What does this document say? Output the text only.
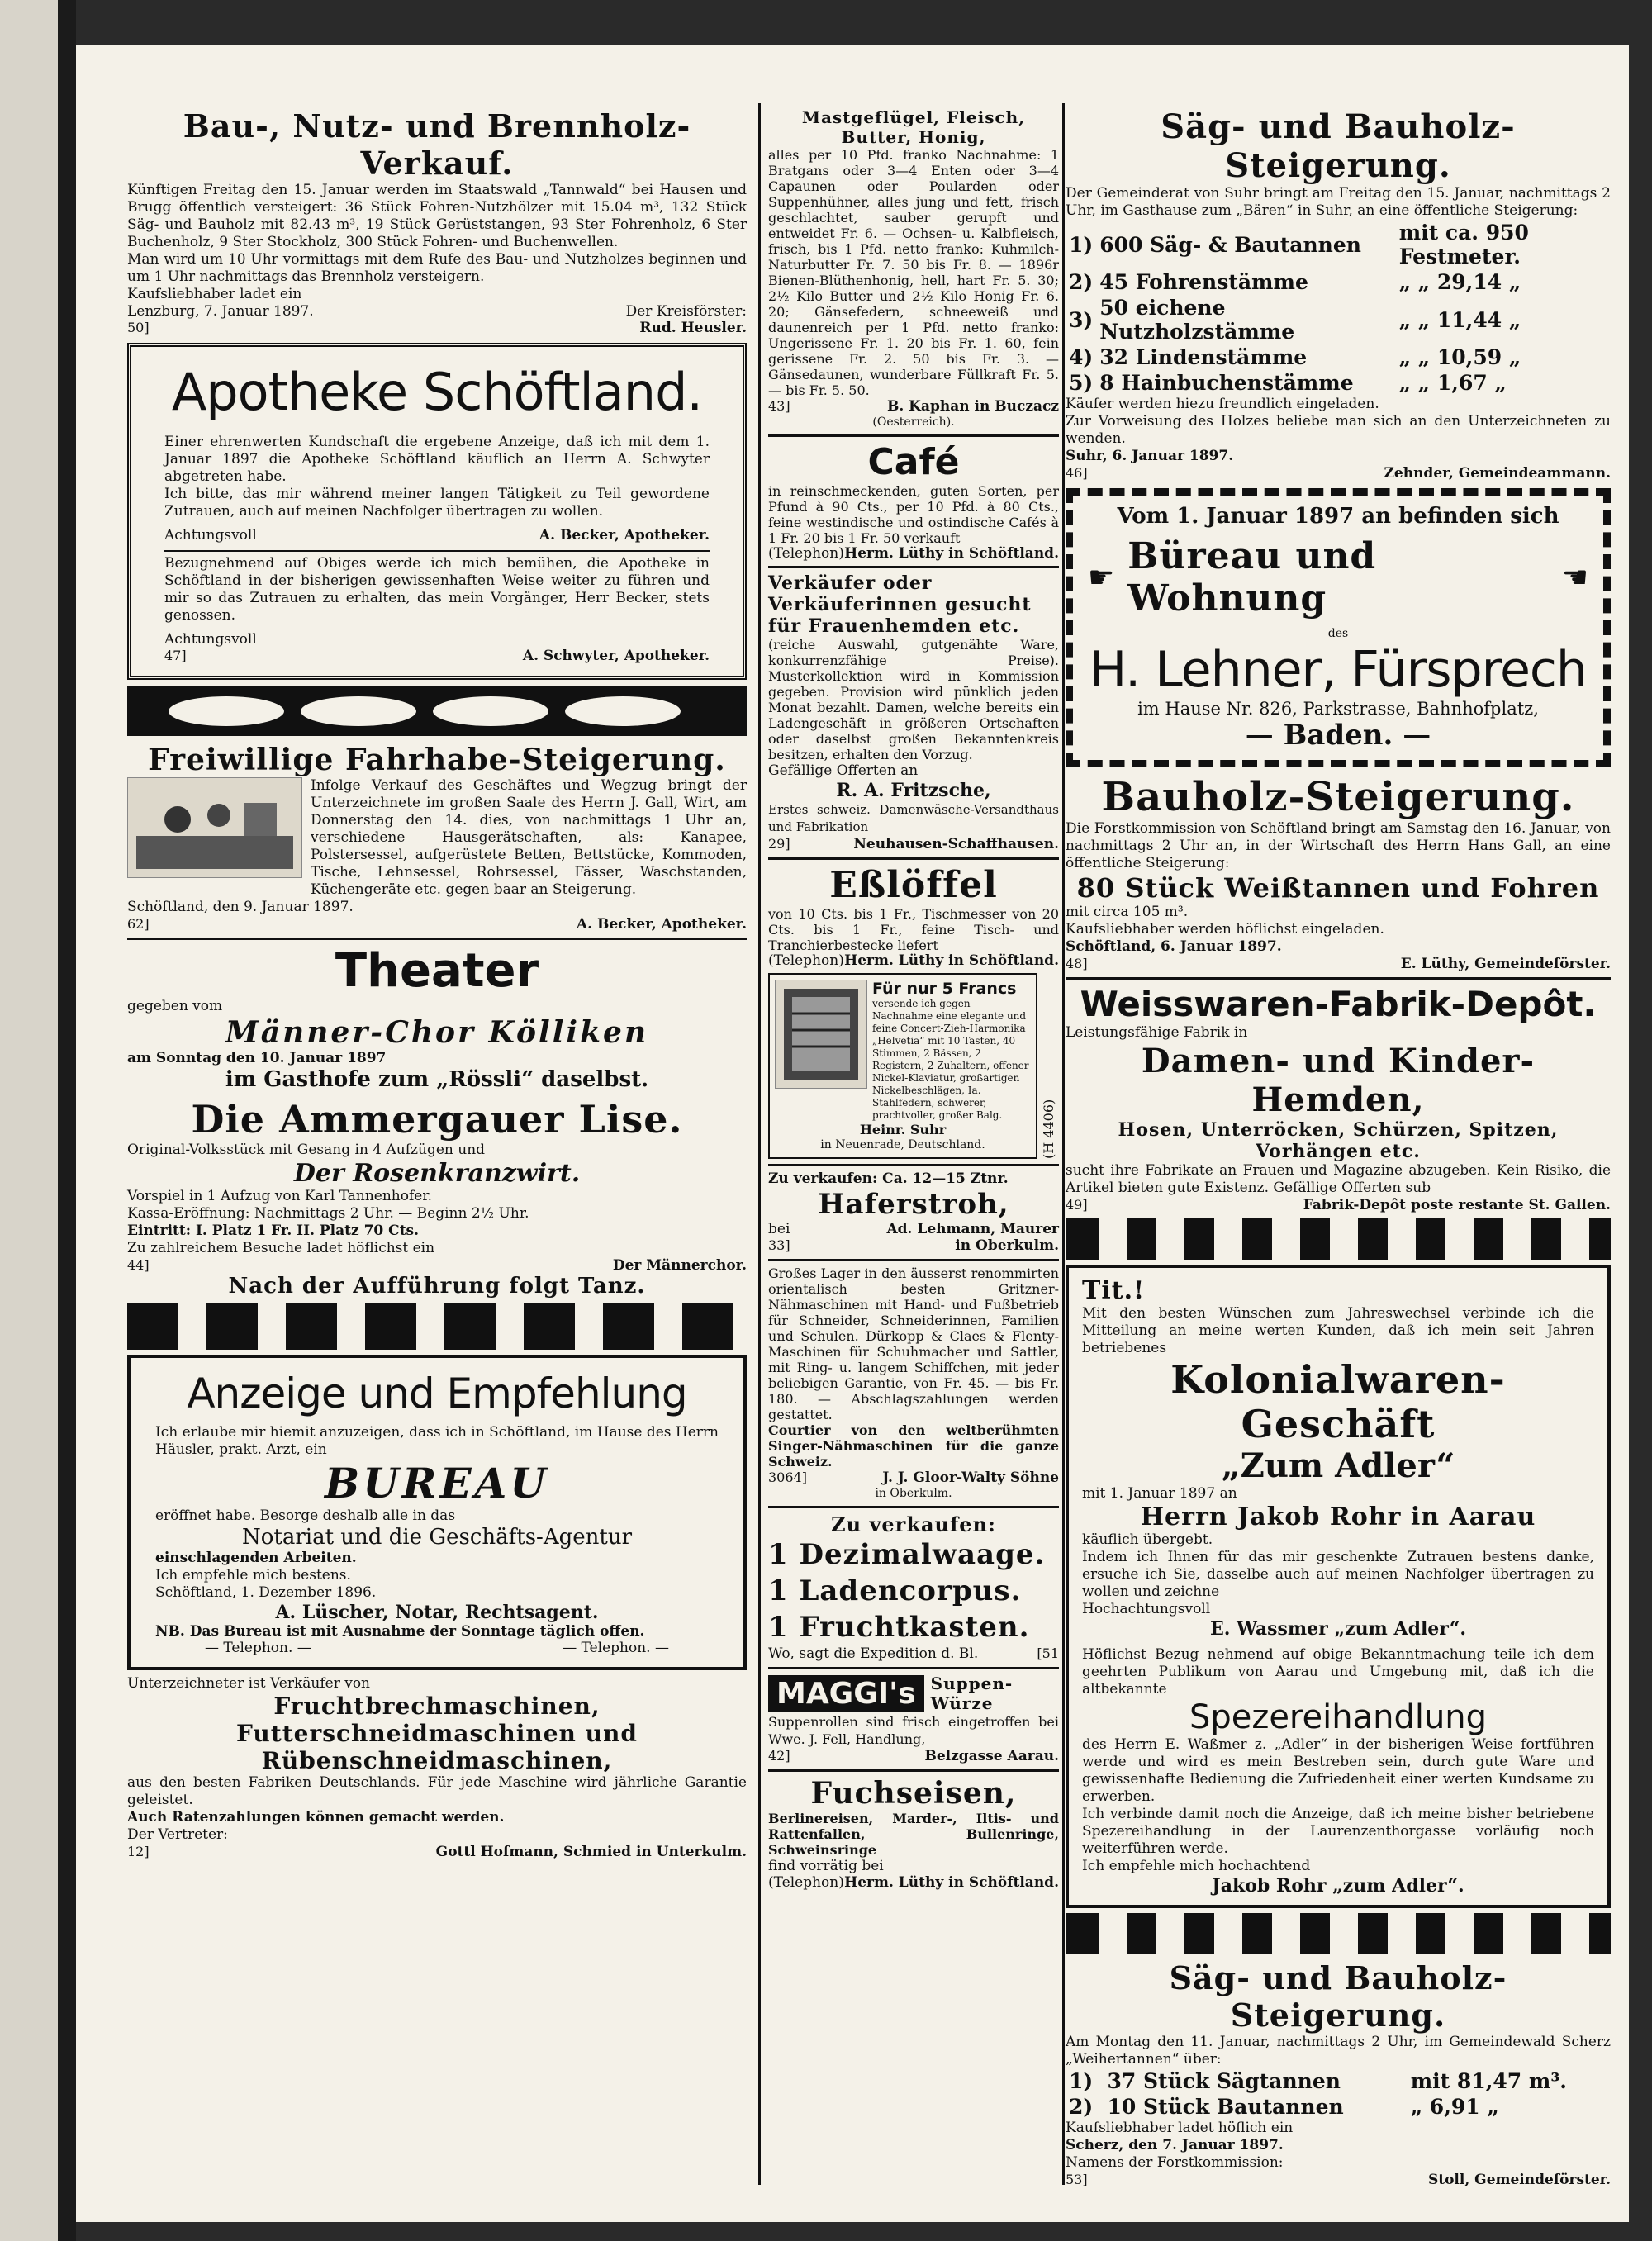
Bau-, Nutz- und Brennholz-Verkauf.
Künftigen Freitag den 15. Januar werden im Staatswald „Tannwald“ bei Hausen und Brugg öffentlich versteigert: 36 Stück Fohren-Nutzhölzer mit 15.04 m³, 132 Stück Säg- und Bauholz mit 82.43 m³, 19 Stück Gerüststangen, 93 Ster Fohrenholz, 6 Ster Buchenholz, 9 Ster Stockholz, 300 Stück Fohren- und Buchenwellen.
Man wird um 10 Uhr vormittags mit dem Rufe des Bau- und Nutzholzes beginnen und um 1 Uhr nachmittags das Brennholz versteigern.
Kaufsliebhaber ladet ein
Lenzburg, 7. Januar 1897.	Der Kreisförster:
50]	Rud. Heusler.
Apotheke Schöftland.
Einer ehrenwerten Kundschaft die ergebene Anzeige, daß ich mit dem 1. Januar 1897 die Apotheke Schöftland käuflich an Herrn A. Schwyter abgetreten habe.
Ich bitte, das mir während meiner langen Tätigkeit zu Teil gewordene Zutrauen, auch auf meinen Nachfolger übertragen zu wollen.
Achtungsvoll	A. Becker, Apotheker.
Bezugnehmend auf Obiges werde ich mich bemühen, die Apotheke in Schöftland in der bisherigen gewissenhaften Weise weiter zu führen und mir so das Zutrauen zu erhalten, das mein Vorgänger, Herr Becker, stets genossen.
Achtungsvoll
47]	A. Schwyter, Apotheker.
Freiwillige Fahrhabe-Steigerung.
Infolge Verkauf des Geschäftes und Wegzug bringt der Unterzeichnete im großen Saale des Herrn J. Gall, Wirt, am Donnerstag den 14. dies, von nachmittags 1 Uhr an, verschiedene Hausgerätschaften, als: Kanapee, Polstersessel, aufgerüstete Betten, Bettstücke, Kommoden, Tische, Lehnsessel, Rohrsessel, Fässer, Waschstanden, Küchengeräte etc. gegen baar an Steigerung.
Schöftland, den 9. Januar 1897.
62]	A. Becker, Apotheker.
Theater
gegeben vom
Männer-Chor Kölliken
am Sonntag den 10. Januar 1897
im Gasthofe zum „Rössli“ daselbst.
Die Ammergauer Lise.
Original-Volksstück mit Gesang in 4 Aufzügen und
Der Rosenkranzwirt.
Vorspiel in 1 Aufzug von Karl Tannenhofer.
Kassa-Eröffnung: Nachmittags 2 Uhr. — Beginn 2½ Uhr.
Eintritt: I. Platz 1 Fr. II. Platz 70 Cts.
Zu zahlreichem Besuche ladet höflichst ein
44]	Der Männerchor.
Nach der Aufführung folgt Tanz.
Anzeige und Empfehlung
Ich erlaube mir hiemit anzuzeigen, dass ich in Schöftland, im Hause des Herrn Häusler, prakt. Arzt, ein
BUREAU
eröffnet habe. Besorge deshalb alle in das
Notariat und die Geschäfts-Agentur
einschlagenden Arbeiten.
Ich empfehle mich bestens.
Schöftland, 1. Dezember 1896.
A. Lüscher, Notar, Rechtsagent.
NB. Das Bureau ist mit Ausnahme der Sonntage täglich offen.
— Telephon. —	— Telephon. —
Unterzeichneter ist Verkäufer von
Fruchtbrechmaschinen, Futterschneidmaschinen und Rübenschneidmaschinen,
aus den besten Fabriken Deutschlands. Für jede Maschine wird jährliche Garantie geleistet.
Auch Ratenzahlungen können gemacht werden.
Der Vertreter:
12]	Gottl Hofmann, Schmied in Unterkulm.
Mastgeflügel, Fleisch, Butter, Honig,
alles per 10 Pfd. franko Nachnahme: 1 Bratgans oder 3—4 Enten oder 3—4 Capaunen oder Poularden oder Suppenhühner, alles jung und fett, frisch geschlachtet, sauber gerupft und entweidet Fr. 6. — Ochsen- u. Kalbfleisch, frisch, bis 1 Pfd. netto franko: Kuhmilch-Naturbutter Fr. 7. 50 bis Fr. 8. — 1896r Bienen-Blüthenhonig, hell, hart Fr. 5. 30; 2½ Kilo Butter und 2½ Kilo Honig Fr. 6. 20; Gänsefedern, schneeweiß und daunenreich per 1 Pfd. netto franko: Ungerissene Fr. 1. 20 bis Fr. 1. 60, fein gerissene Fr. 2. 50 bis Fr. 3. — Gänsedaunen, wunderbare Füllkraft Fr. 5. — bis Fr. 5. 50.
43]	B. Kaphan in Buczacz
(Oesterreich).
Café
in reinschmeckenden, guten Sorten, per Pfund à 90 Cts., per 10 Pfd. à 80 Cts., feine westindische und ostindische Cafés à 1 Fr. 20 bis 1 Fr. 50 verkauft
(Telephon) Herm. Lüthy in Schöftland.
Verkäufer oder Verkäuferinnen gesucht für Frauenhemden etc.
(reiche Auswahl, gutgenähte Ware, konkurrenzfähige Preise). Musterkollektion wird in Kommission gegeben. Provision wird pünklich jeden Monat bezahlt. Damen, welche bereits ein Ladengeschäft in größeren Ortschaften oder daselbst großen Bekanntenkreis besitzen, erhalten den Vorzug.
Gefällige Offerten an
R. A. Fritzsche,
Erstes schweiz. Damenwäsche-Versandthaus und Fabrikation
29]	Neuhausen-Schaffhausen.
Eßlöffel
von 10 Cts. bis 1 Fr., Tischmesser von 20 Cts. bis 1 Fr., feine Tisch- und Tranchierbestecke liefert
(Telephon) Herm. Lüthy in Schöftland.
Für nur 5 Francs
versende ich gegen Nachnahme eine elegante und feine Concert-Zieh-Harmonika „Helvetia“ mit 10 Tasten, 40 Stimmen, 2 Bässen, 2 Registern, 2 Zuhaltern, offener Nickel-Klaviatur, großartigen Nickelbeschlägen, Ia. Stahlfedern, schwerer, prachtvoller, großer Balg.
Heinr. Suhr
in Neuenrade, Deutschland.	(H 4406)
Zu verkaufen: Ca. 12—15 Ztnr.
Haferstroh,
bei	Ad. Lehmann, Maurer
33]	in Oberkulm.
Großes Lager in den äusserst renommirten orientalisch besten Gritzner-Nähmaschinen mit Hand- und Fußbetrieb für Schneider, Schneiderinnen, Familien und Schulen. Dürkopp & Claes & Flenty-Maschinen für Schuhmacher und Sattler, mit Ring- u. langem Schiffchen, mit jeder beliebigen Garantie, von Fr. 45. — bis Fr. 180. — Abschlagszahlungen werden gestattet.
Courtier von den weltberühmten Singer-Nähmaschinen für die ganze Schweiz.
3064]	J. J. Gloor-Walty Söhne
in Oberkulm.
Zu verkaufen:
1 Dezimalwaage.
1 Ladencorpus.
1 Fruchtkasten.
Wo, sagt die Expedition d. Bl.	[51
MAGGI's Suppen-Würze
Suppenrollen sind frisch eingetroffen bei Wwe. J. Fell, Handlung,
42]	Belzgasse Aarau.
Fuchseisen,
Berlinereisen, Marder-, Iltis- und Rattenfallen, Bullenringe, Schweinsringe
find vorrätig bei
(Telephon) Herm. Lüthy in Schöftland.
Säg- und Bauholz-Steigerung.
Der Gemeinderat von Suhr bringt am Freitag den 15. Januar, nachmittags 2 Uhr, im Gasthause zum „Bären“ in Suhr, an eine öffentliche Steigerung:
1)	600 Säg- & Bautannen	mit ca. 950 Festmeter.
2)	45 Fohrenstämme	„ „ 29,14 „
3)	50 eichene Nutzholzstämme	„ „ 11,44 „
4)	32 Lindenstämme	„ „ 10,59 „
5)	8 Hainbuchenstämme	„ „ 1,67 „
Käufer werden hiezu freundlich eingeladen.
Zur Vorweisung des Holzes beliebe man sich an den Unterzeichneten zu wenden.
Suhr, 6. Januar 1897.
46]	Zehnder, Gemeindeammann.
Vom 1. Januar 1897 an befinden sich
☛ Büreau und Wohnung	☚
des
H. Lehner, Fürsprech
im Hause Nr. 826, Parkstrasse, Bahnhofplatz,
— Baden. —
Bauholz-Steigerung.
Die Forstkommission von Schöftland bringt am Samstag den 16. Januar, von nachmittags 2 Uhr an, in der Wirtschaft des Herrn Hans Gall, an eine öffentliche Steigerung:
80 Stück Weißtannen und Fohren
mit circa 105 m³.
Kaufsliebhaber werden höflichst eingeladen.
Schöftland, 6. Januar 1897.
48]	E. Lüthy, Gemeindeförster.
Weisswaren-Fabrik-Depôt.
Leistungsfähige Fabrik in
Damen- und Kinder-Hemden,
Hosen, Unterröcken, Schürzen, Spitzen, Vorhängen etc.
sucht ihre Fabrikate an Frauen und Magazine abzugeben. Kein Risiko, die Artikel bieten gute Existenz. Gefällige Offerten sub
49]	Fabrik-Depôt poste restante St. Gallen.
Tit.!
Mit den besten Wünschen zum Jahreswechsel verbinde ich die Mitteilung an meine werten Kunden, daß ich mein seit Jahren betriebenes
Kolonialwaren-Geschäft
„Zum Adler“
mit 1. Januar 1897 an
Herrn Jakob Rohr in Aarau
käuflich übergebt.
Indem ich Ihnen für das mir geschenkte Zutrauen bestens danke, ersuche ich Sie, dasselbe auch auf meinen Nachfolger übertragen zu wollen und zeichne
Hochachtungsvoll
E. Wassmer „zum Adler“.
Höflichst Bezug nehmend auf obige Bekanntmachung teile ich dem geehrten Publikum von Aarau und Umgebung mit, daß ich die altbekannte
Spezereihandlung
des Herrn E. Waßmer z. „Adler“ in der bisherigen Weise fortführen werde und wird es mein Bestreben sein, durch gute Ware und gewissenhafte Bedienung die Zufriedenheit einer werten Kundsame zu erwerben.
Ich verbinde damit noch die Anzeige, daß ich meine bisher betriebene Spezereihandlung in der Laurenzenthorgasse vorläufig noch weiterführen werde.
Ich empfehle mich hochachtend
Jakob Rohr „zum Adler“.
Säg- und Bauholz-Steigerung.
Am Montag den 11. Januar, nachmittags 2 Uhr, im Gemeindewald Scherz „Weihertannen“ über:
1)	37 Stück Sägtannen	mit 81,47 m³.
2)	10 Stück Bautannen	„ 6,91 „
Kaufsliebhaber ladet höflich ein
Scherz, den 7. Januar 1897.
Namens der Forstkommission:
53]	Stoll, Gemeindeförster.
